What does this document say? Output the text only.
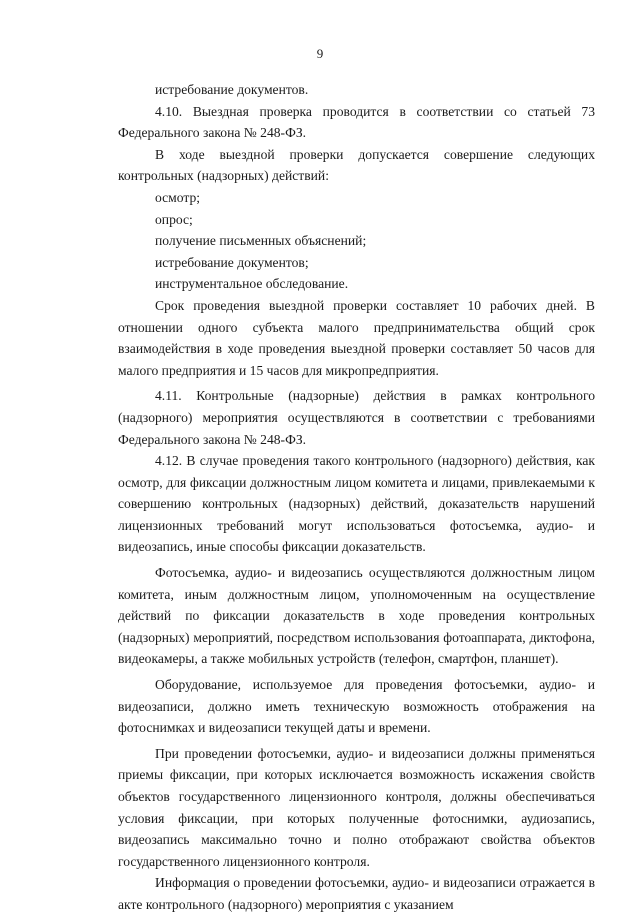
9

истребование документов.

4.10. Выездная проверка проводится в соответствии со статьей 73 Федерального закона № 248-ФЗ.

В ходе выездной проверки допускается совершение следующих контрольных (надзорных) действий:

осмотр;

опрос;

получение письменных объяснений;

истребование документов;

инструментальное обследование.

Срок проведения выездной проверки составляет 10 рабочих дней. В отношении одного субъекта малого предпринимательства общий срок взаимодействия в ходе проведения выездной проверки составляет 50 часов для малого предприятия и 15 часов для микропредприятия.

4.11. Контрольные (надзорные) действия в рамках контрольного (надзорного) мероприятия осуществляются в соответствии с требованиями Федерального закона № 248-ФЗ.

4.12. В случае проведения такого контрольного (надзорного) действия, как осмотр, для фиксации должностным лицом комитета и лицами, привлекаемыми к совершению контрольных (надзорных) действий, доказательств нарушений лицензионных требований могут использоваться фотосъемка, аудио- и видеозапись, иные способы фиксации доказательств.

Фотосъемка, аудио- и видеозапись осуществляются должностным лицом комитета, иным должностным лицом, уполномоченным на осуществление действий по фиксации доказательств в ходе проведения контрольных (надзорных) мероприятий, посредством использования фотоаппарата, диктофона, видеокамеры, а также мобильных устройств (телефон, смартфон, планшет).

Оборудование, используемое для проведения фотосъемки, аудио- и видеозаписи, должно иметь техническую возможность отображения на фотоснимках и видеозаписи текущей даты и времени.

При проведении фотосъемки, аудио- и видеозаписи должны применяться приемы фиксации, при которых исключается возможность искажения свойств объектов государственного лицензионного контроля, должны обеспечиваться условия фиксации, при которых полученные фотоснимки, аудиозапись, видеозапись максимально точно и полно отображают свойства объектов государственного лицензионного контроля.

Информация о проведении фотосъемки, аудио- и видеозаписи отражается в акте контрольного (надзорного) мероприятия с указанием
